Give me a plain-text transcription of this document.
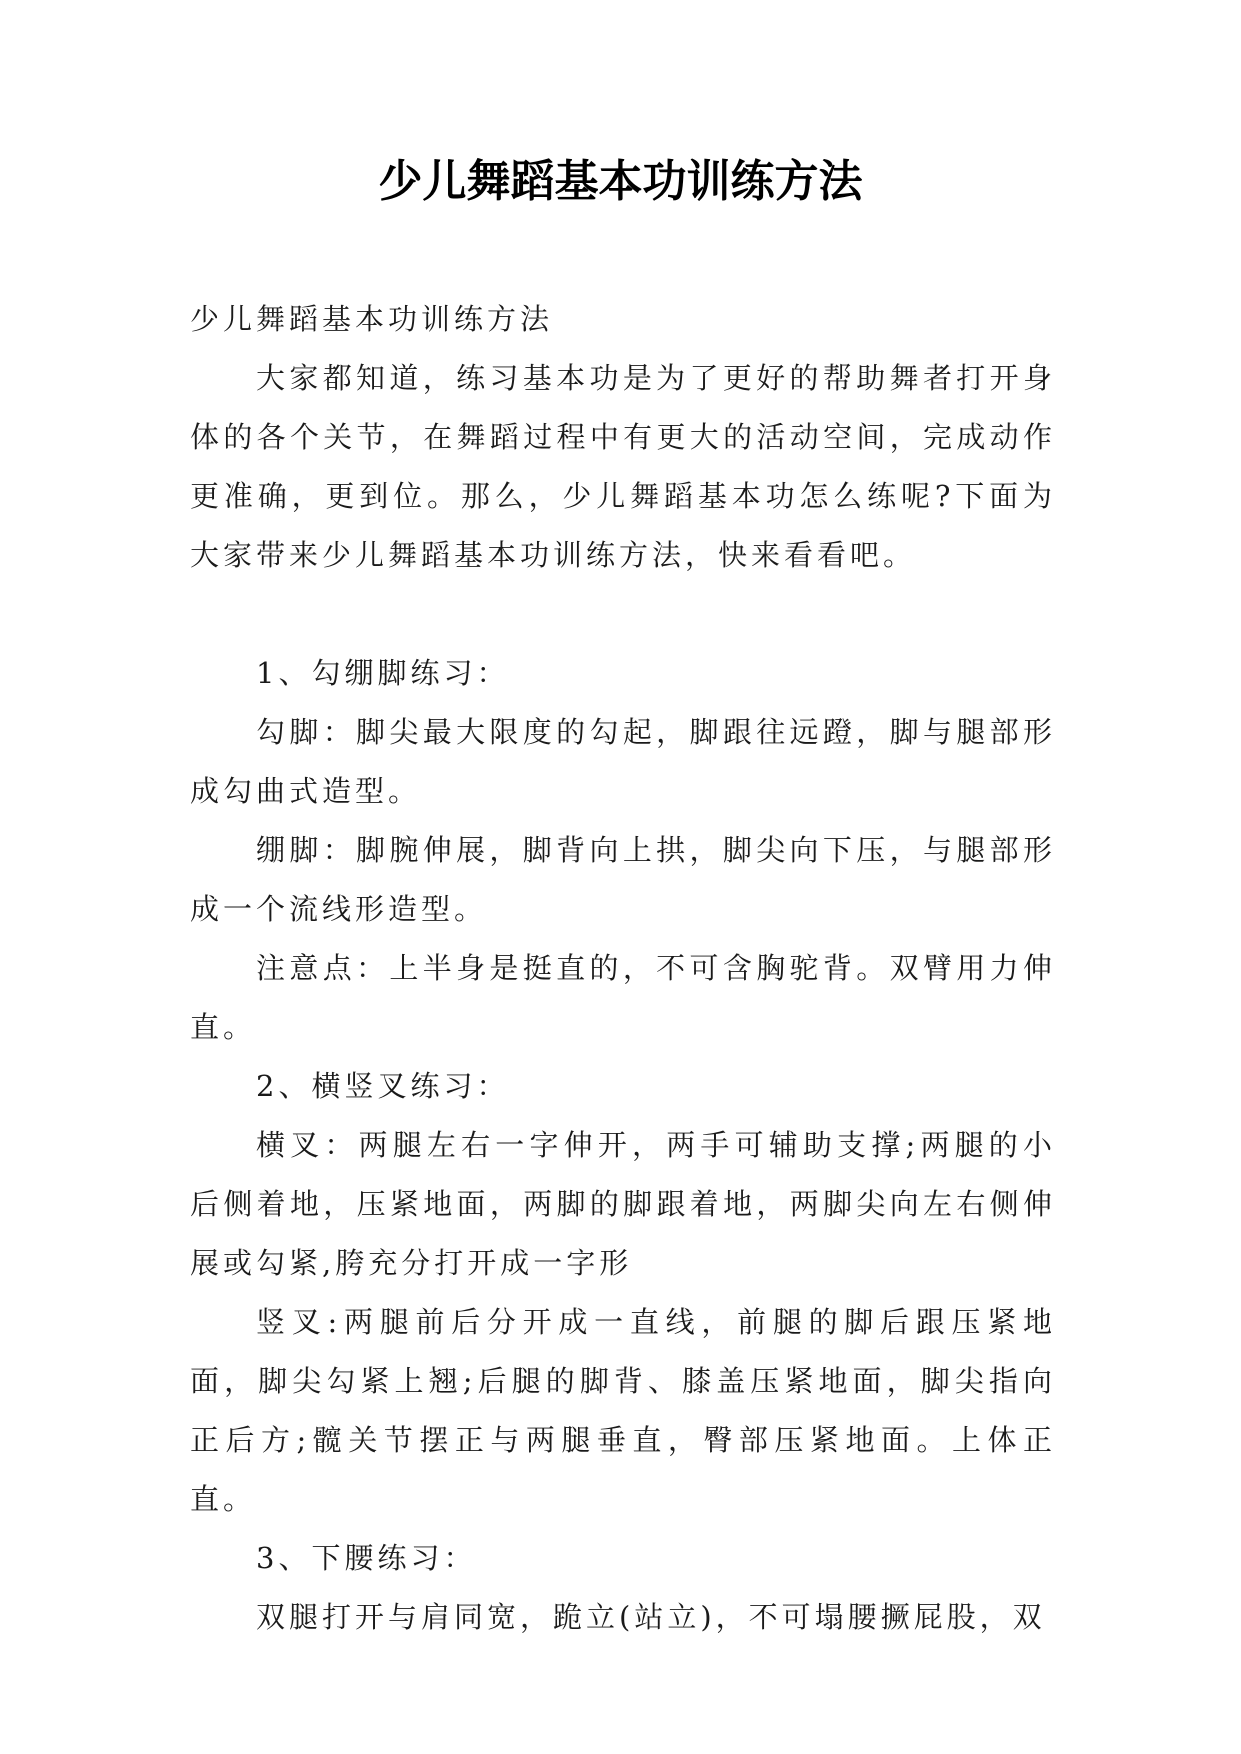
少儿舞蹈基本功训练方法

少儿舞蹈基本功训练方法

大家都知道，练习基本功是为了更好的帮助舞者打开身体的各个关节，在舞蹈过程中有更大的活动空间，完成动作更准确，更到位。那么，少儿舞蹈基本功怎么练呢?下面为大家带来少儿舞蹈基本功训练方法，快来看看吧。

1、勾绷脚练习：

勾脚：脚尖最大限度的勾起，脚跟往远蹬，脚与腿部形成勾曲式造型。

绷脚：脚腕伸展，脚背向上拱，脚尖向下压，与腿部形成一个流线形造型。

注意点：上半身是挺直的，不可含胸驼背。双臂用力伸直。

2、横竖叉练习：

横叉：两腿左右一字伸开，两手可辅助支撑;两腿的小后侧着地，压紧地面，两脚的脚跟着地，两脚尖向左右侧伸展或勾紧,胯充分打开成一字形

竖叉:两腿前后分开成一直线，前腿的脚后跟压紧地面，脚尖勾紧上翘;后腿的脚背、膝盖压紧地面，脚尖指向正后方;髋关节摆正与两腿垂直，臀部压紧地面。上体正直。

3、下腰练习：

双腿打开与肩同宽，跪立(站立)，不可塌腰撅屁股，双
